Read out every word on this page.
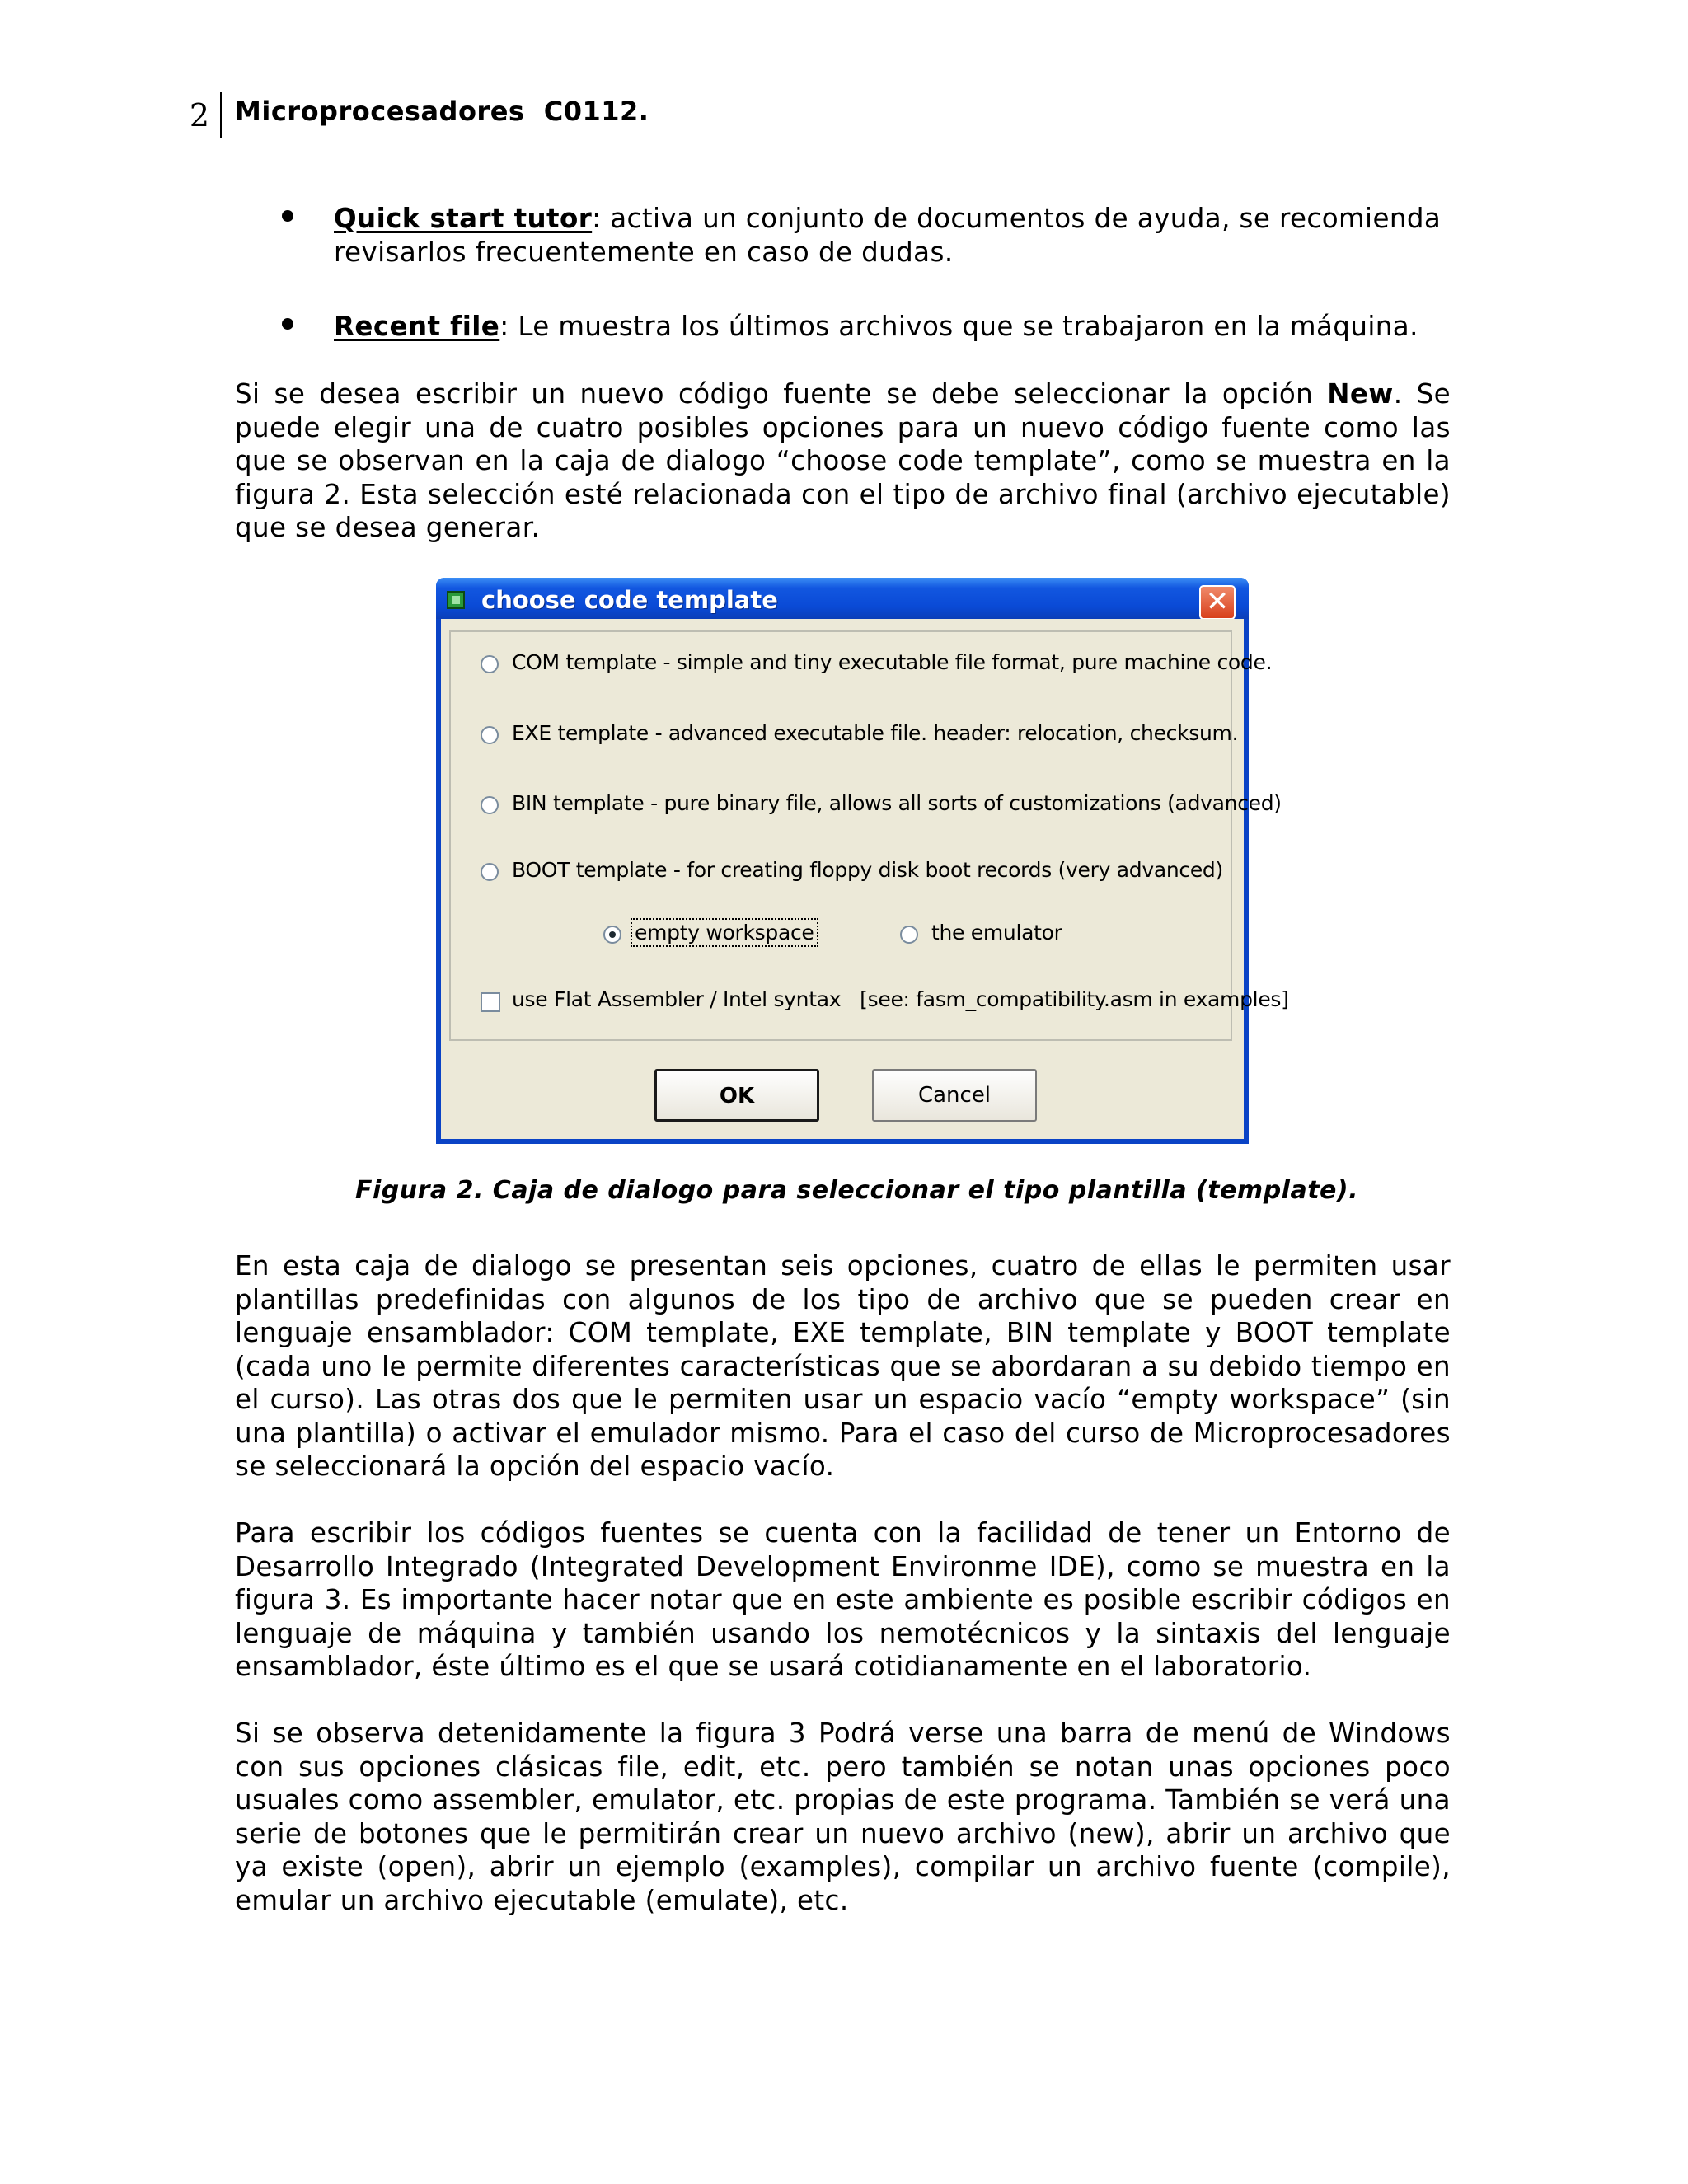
2 Microprocesadores  C0112.
Quick start tutor: activa un conjunto de documentos de ayuda, se recomienda revisarlos frecuentemente en caso de dudas.
Recent file: Le muestra los últimos archivos que se trabajaron en la máquina.

Si se desea escribir un nuevo código fuente se debe seleccionar la opción New. Se puede elegir una de cuatro posibles opciones para un nuevo código fuente como las que se observan en la caja de dialogo “choose code template”, como se muestra en la figura 2. Esta selección esté relacionada con el tipo de archivo final (archivo ejecutable) que se desea generar.

choose code template	✕
COM template - simple and tiny executable file format, pure machine code.
EXE template - advanced executable file. header: relocation, checksum.
BIN template - pure binary file, allows all sorts of customizations (advanced)
BOOT template - for creating floppy disk boot records (very advanced)
empty workspace	the emulator
use Flat Assembler / Intel syntax   [see: fasm_compatibility.asm in examples]
OK	Cancel
Figura 2. Caja de dialogo para seleccionar el tipo plantilla (template).

En esta caja de dialogo se presentan seis opciones, cuatro de ellas le permiten usar plantillas predefinidas con algunos de los tipo de archivo que se pueden crear en lenguaje ensamblador: COM template, EXE template, BIN template y BOOT template (cada uno le permite diferentes características que se abordaran a su debido tiempo en el curso). Las otras dos que le permiten usar un espacio vacío “empty workspace” (sin una plantilla) o activar el emulador mismo. Para el caso del curso de Microprocesadores se seleccionará la opción del espacio vacío.

Para escribir los códigos fuentes se cuenta con la facilidad de tener un Entorno de Desarrollo Integrado (Integrated Development Environme IDE), como se muestra en la figura 3. Es importante hacer notar que en este ambiente es posible escribir códigos en lenguaje de máquina y también usando los nemotécnicos y la sintaxis del lenguaje ensamblador, éste último es el que se usará cotidianamente en el laboratorio.

Si se observa detenidamente la figura 3 Podrá verse una barra de menú de Windows con sus opciones clásicas file, edit, etc. pero también se notan unas opciones poco usuales como assembler, emulator, etc. propias de este programa. También se verá una serie de botones que le permitirán crear un nuevo archivo (new), abrir un archivo que ya existe (open), abrir un ejemplo (examples), compilar un archivo fuente (compile), emular un archivo ejecutable (emulate), etc.
